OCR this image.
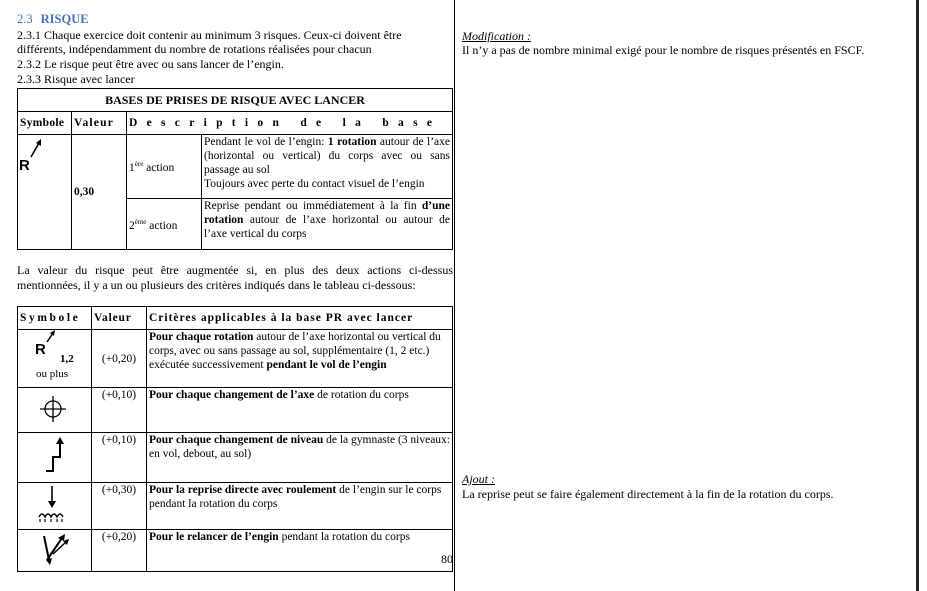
2.3 RISQUE
2.3.1 Chaque exercice doit contenir au minimum 3 risques. Ceux-ci doivent être
différents, indépendamment du nombre de rotations réalisées pour chacun
2.3.2 Le risque peut être avec ou sans lancer de l’engin.
2.3.3 Risque avec lancer
BASES DE PRISES DE RISQUE AVEC LANCER			
Symbole	Valeur	Description de la base	

R	0,30	1ère action	Pendant le vol de l’engin: 1 rotation autour de l’axe (horizontal ou vertical) du corps avec ou sans passage au sol
Toujours avec perte du contact visuel de l’engin
		2ème action	Reprise pendant ou immédiatement à la fin d’une rotation autour de l’axe horizontal ou autour de l’axe vertical du corps
La valeur du risque peut être augmentée si, en plus des deux actions ci-dessus mentionnées, il y a un ou plusieurs des critères indiqués dans le tableau ci-dessous:
Symbole	Valeur	Critères applicables à la base PR avec lancer

R
1,2
ou plus	(+0,20)	Pour chaque rotation autour de l’axe horizontal ou vertical du corps, avec ou sans passage au sol, supplémentaire (1, 2 etc.) exécutée successivement pendant le vol de l’engin
	(+0,10)	Pour chaque changement de l’axe de rotation du corps
	(+0,10)	Pour chaque changement de niveau de la gymnaste (3 niveaux: en vol, debout, au sol)
	(+0,30)	Pour la reprise directe avec roulement de l’engin sur le corps pendant la rotation du corps
	(+0,20)	Pour le relancer de l’engin pendant la rotation du corps
80
Modification :
Il n’y a pas de nombre minimal exigé pour le nombre de risques présentés en FSCF.
Ajout :
La reprise peut se faire également directement à la fin de la rotation du corps.
